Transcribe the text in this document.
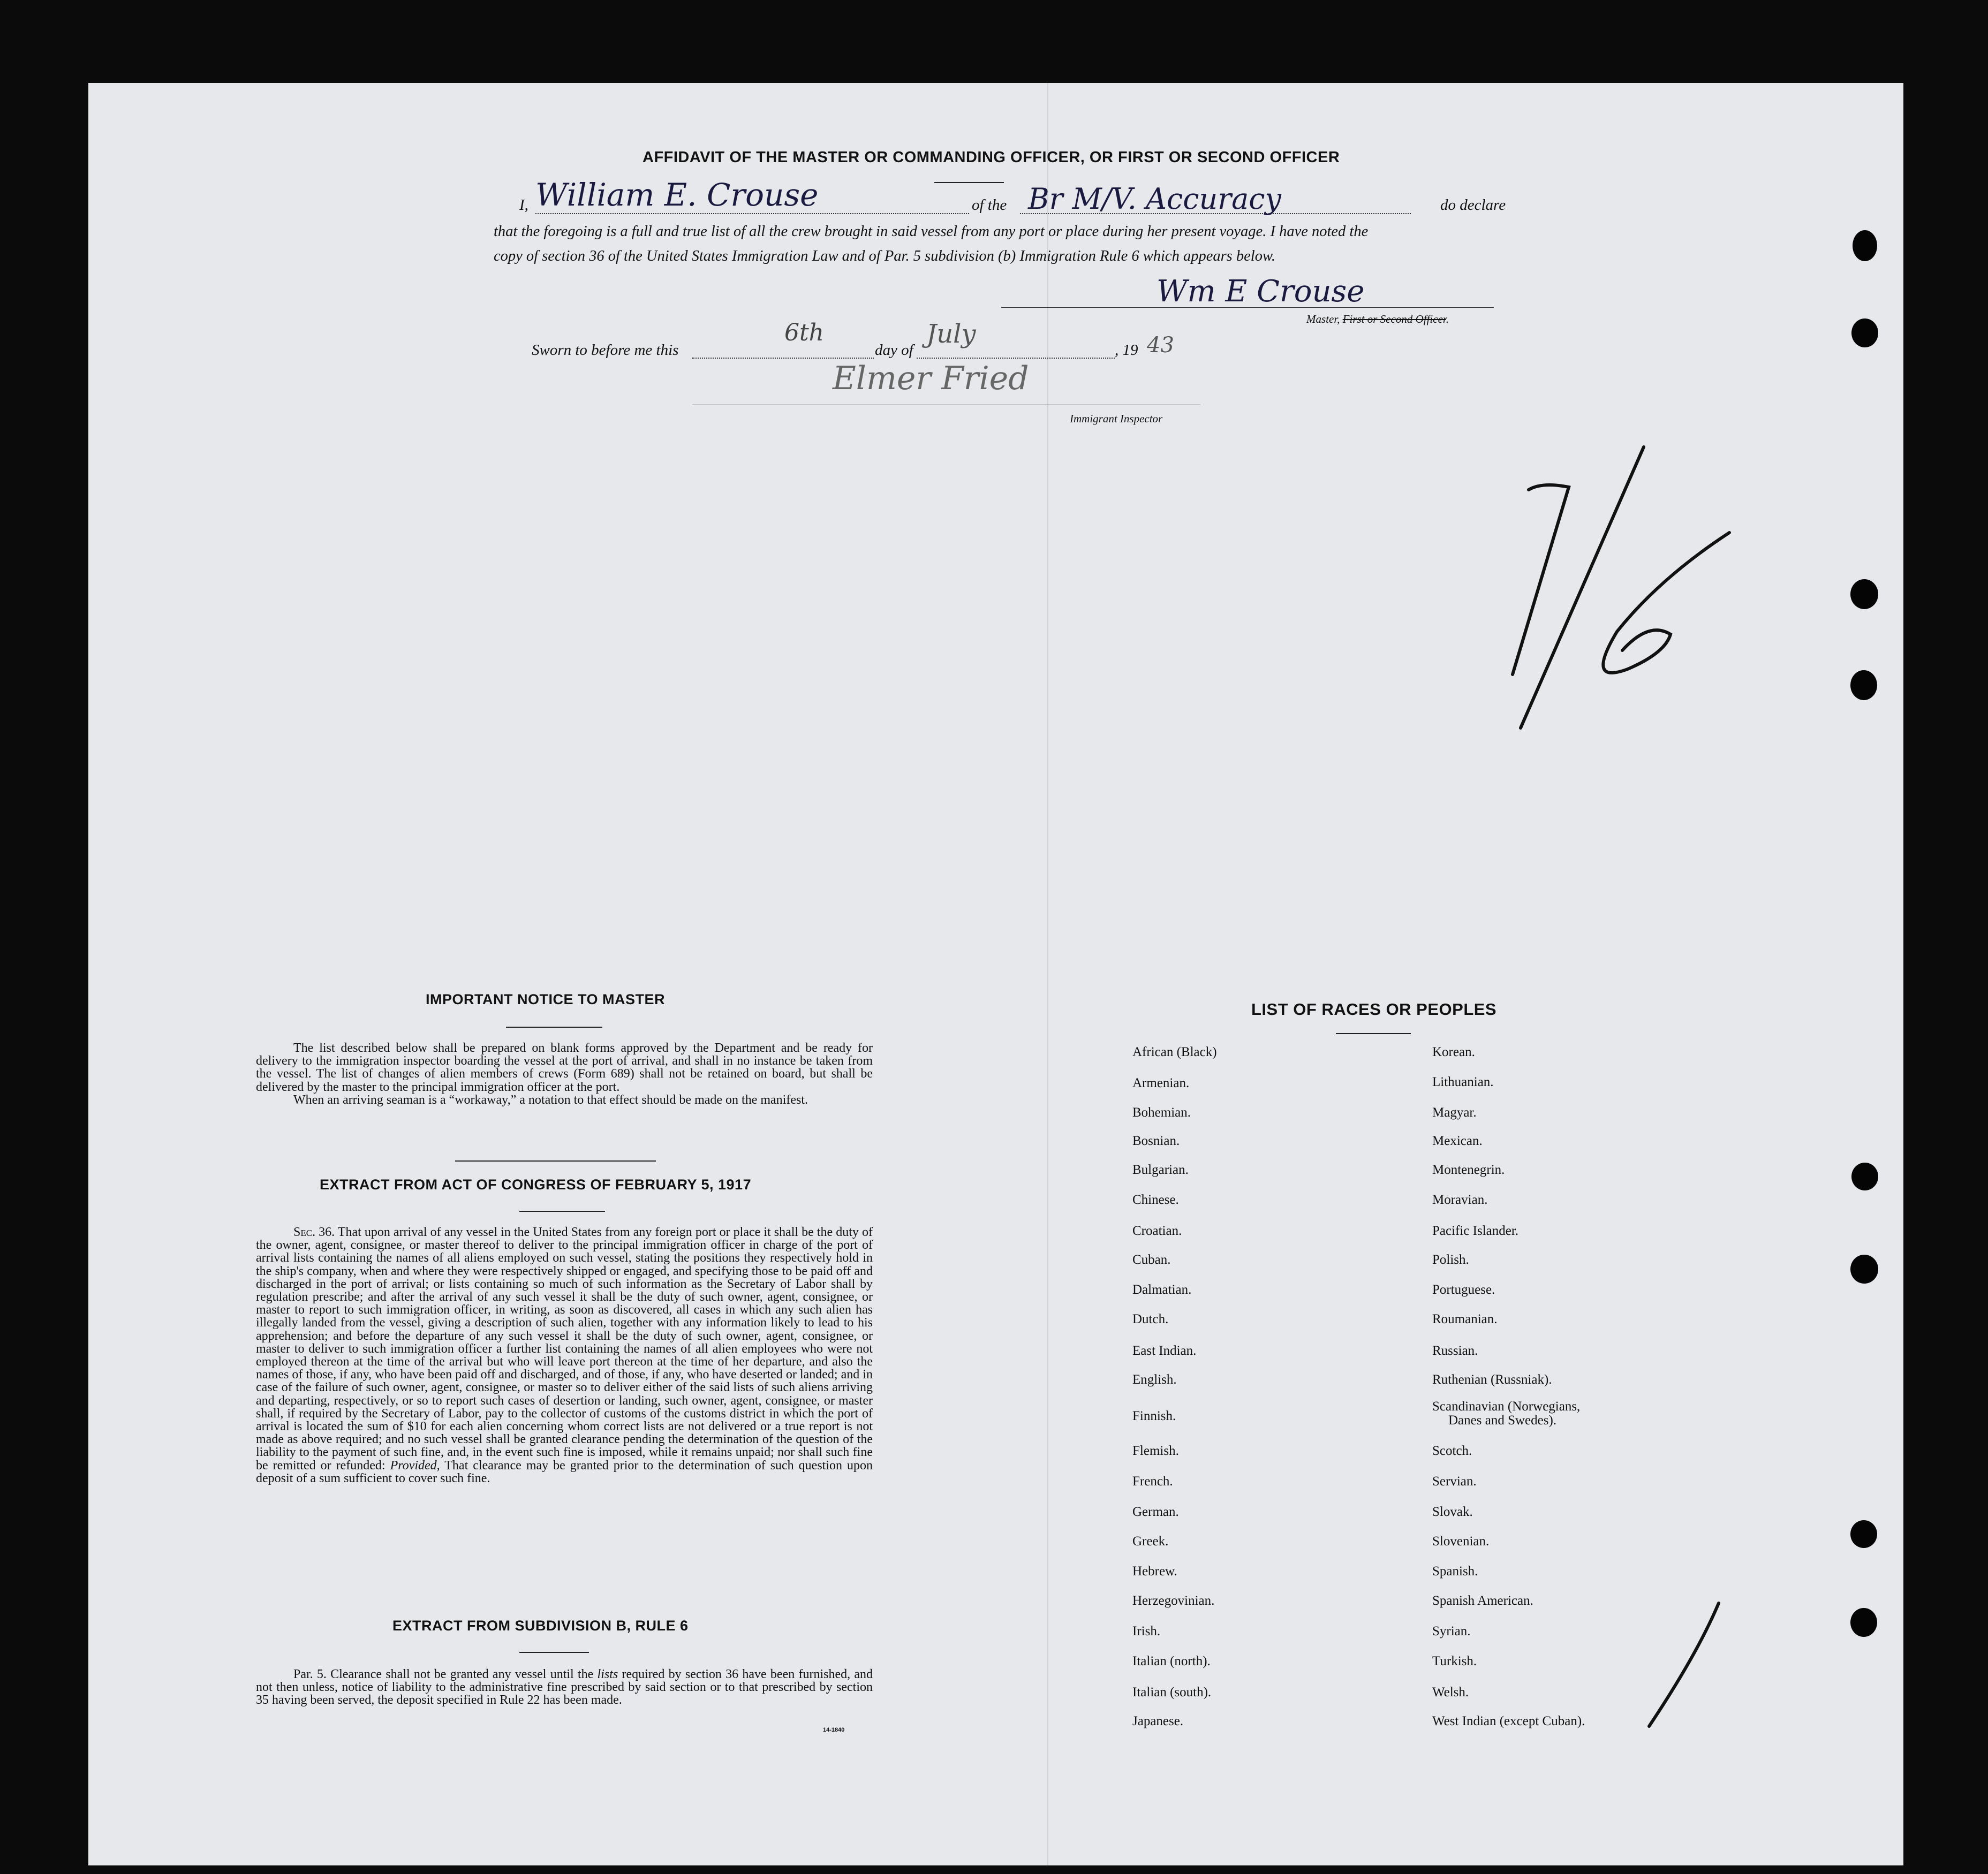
AFFIDAVIT OF THE MASTER OR COMMANDING OFFICER, OR FIRST OR SECOND OFFICER
I, William E. Crouse	of the Br M/V. Accuracy	do declare
that the foregoing is a full and true list of all the crew brought in said vessel from any port or place during her present voyage. I have noted the
copy of section 36 of the United States Immigration Law and of Par. 5 subdivision (b) Immigration Rule 6 which appears below.
Wm E Crouse
Master, First or Second Officer.
Sworn to before me this
6th
day of
July
, 19 43
Elmer Fried
Immigrant Inspector
IMPORTANT NOTICE TO MASTER

The list described below shall be prepared on blank forms approved by the Department and be ready for delivery to the immigration inspector boarding the vessel at the port of arrival, and shall in no instance be taken from the vessel. The list of changes of alien members of crews (Form 689) shall not be retained on board, but shall be delivered by the master to the principal immigration officer at the port.

When an arriving seaman is a “workaway,” a notation to that effect should be made on the manifest.

EXTRACT FROM ACT OF CONGRESS OF FEBRUARY 5, 1917

Sec. 36. That upon arrival of any vessel in the United States from any foreign port or place it shall be the duty of the owner, agent, consignee, or master thereof to deliver to the principal immigration officer in charge of the port of arrival lists containing the names of all aliens employed on such vessel, stating the positions they respectively hold in the ship's company, when and where they were respectively shipped or engaged, and specifying those to be paid off and discharged in the port of arrival; or lists containing so much of such information as the Secretary of Labor shall by regulation prescribe; and after the arrival of any such vessel it shall be the duty of such owner, agent, consignee, or master to report to such immigration officer, in writing, as soon as discovered, all cases in which any such alien has illegally landed from the vessel, giving a description of such alien, together with any information likely to lead to his apprehension; and before the departure of any such vessel it shall be the duty of such owner, agent, consignee, or master to deliver to such immigration officer a further list containing the names of all alien employees who were not employed thereon at the time of the arrival but who will leave port thereon at the time of her departure, and also the names of those, if any, who have been paid off and discharged, and of those, if any, who have deserted or landed; and in case of the failure of such owner, agent, consignee, or master so to deliver either of the said lists of such aliens arriving and departing, respectively, or so to report such cases of desertion or landing, such owner, agent, consignee, or master shall, if required by the Secretary of Labor, pay to the collector of customs of the customs district in which the port of arrival is located the sum of $10 for each alien concerning whom correct lists are not delivered or a true report is not made as above required; and no such vessel shall be granted clearance pending the determination of the question of the liability to the payment of such fine, and, in the event such fine is imposed, while it remains unpaid; nor shall such fine be remitted or refunded: Provided, That clearance may be granted prior to the determination of such question upon deposit of a sum sufficient to cover such fine.

EXTRACT FROM SUBDIVISION B, RULE 6

Par. 5. Clearance shall not be granted any vessel until the lists required by section 36 have been furnished, and not then unless, notice of liability to the administrative fine prescribed by said section or to that prescribed by section 35 having been served, the deposit specified in Rule 22 has been made.

14-1840
LIST OF RACES OR PEOPLES
African (Black)
Armenian.
Bohemian.
Bosnian.
Bulgarian.
Chinese.
Croatian.
Cuban.
Dalmatian.
Dutch.
East Indian.
English.
Finnish.
Flemish.
French.
German.
Greek.
Hebrew.
Herzegovinian.
Irish.
Italian (north).
Italian (south).
Japanese.
Korean.
Lithuanian.
Magyar.
Mexican.
Montenegrin.
Moravian.
Pacific Islander.
Polish.
Portuguese.
Roumanian.
Russian.
Ruthenian (Russniak).
Scandinavian (Norwegians,
Scotch.
Servian.
Slovak.
Slovenian.
Spanish.
Spanish American.
Syrian.
Turkish.
Welsh.
West Indian (except Cuban).
Danes and Swedes).
